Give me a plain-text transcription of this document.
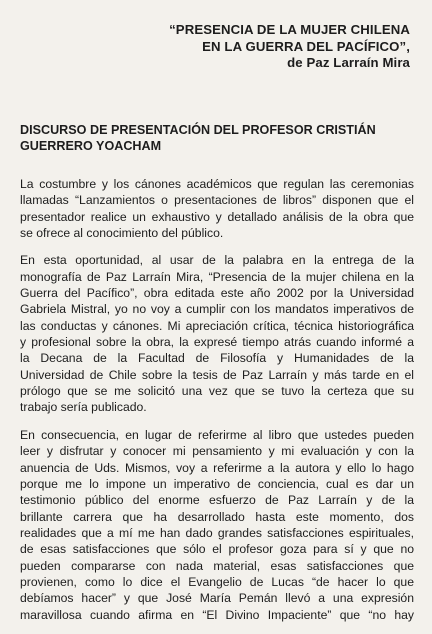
“PRESENCIA DE LA MUJER CHILENA
EN LA GUERRA DEL PACÍFICO”,
de Paz Larraín Mira
DISCURSO DE PRESENTACIÓN DEL PROFESOR CRISTIÁN
GUERRERO YOACHAM
La costumbre y los cánones académicos que regulan las ceremonias
llamadas “Lanzamientos o presentaciones de libros” disponen que el
presentador realice un exhaustivo y detallado análisis de la obra que
se ofrece al conocimiento del público.
En esta oportunidad, al usar de la palabra en la entrega de la
monografía de Paz Larraín Mira, “Presencia de la mujer chilena en la
Guerra del Pacífico”, obra editada este año 2002 por la Universidad
Gabriela Mistral, yo no voy a cumplir con los mandatos imperativos de
las conductas y cánones. Mi apreciación crítica, técnica historiográfica
y profesional sobre la obra, la expresé tiempo atrás cuando informé a
la Decana de la Facultad de Filosofía y Humanidades de la
Universidad de Chile sobre la tesis de Paz Larraín y más tarde en el
prólogo que se me solicitó una vez que se tuvo la certeza que su
trabajo sería publicado.
En consecuencia, en lugar de referirme al libro que ustedes pueden
leer y disfrutar y conocer mi pensamiento y mi evaluación y con la
anuencia de Uds. Mismos, voy a referirme a la autora y ello lo hago
porque me lo impone un imperativo de conciencia, cual es dar un
testimonio público del enorme esfuerzo de Paz Larraín y de la
brillante carrera que ha desarrollado hasta este momento, dos
realidades que a mí me han dado grandes satisfacciones espirituales,
de esas satisfacciones que sólo el profesor goza para sí y que no
pueden compararse con nada material, esas satisfacciones que
provienen, como lo dice el Evangelio de Lucas “de hacer lo que
debíamos hacer” y que José María Pemán llevó a una expresión
maravillosa cuando afirma en “El Divino Impaciente” que “no hay
